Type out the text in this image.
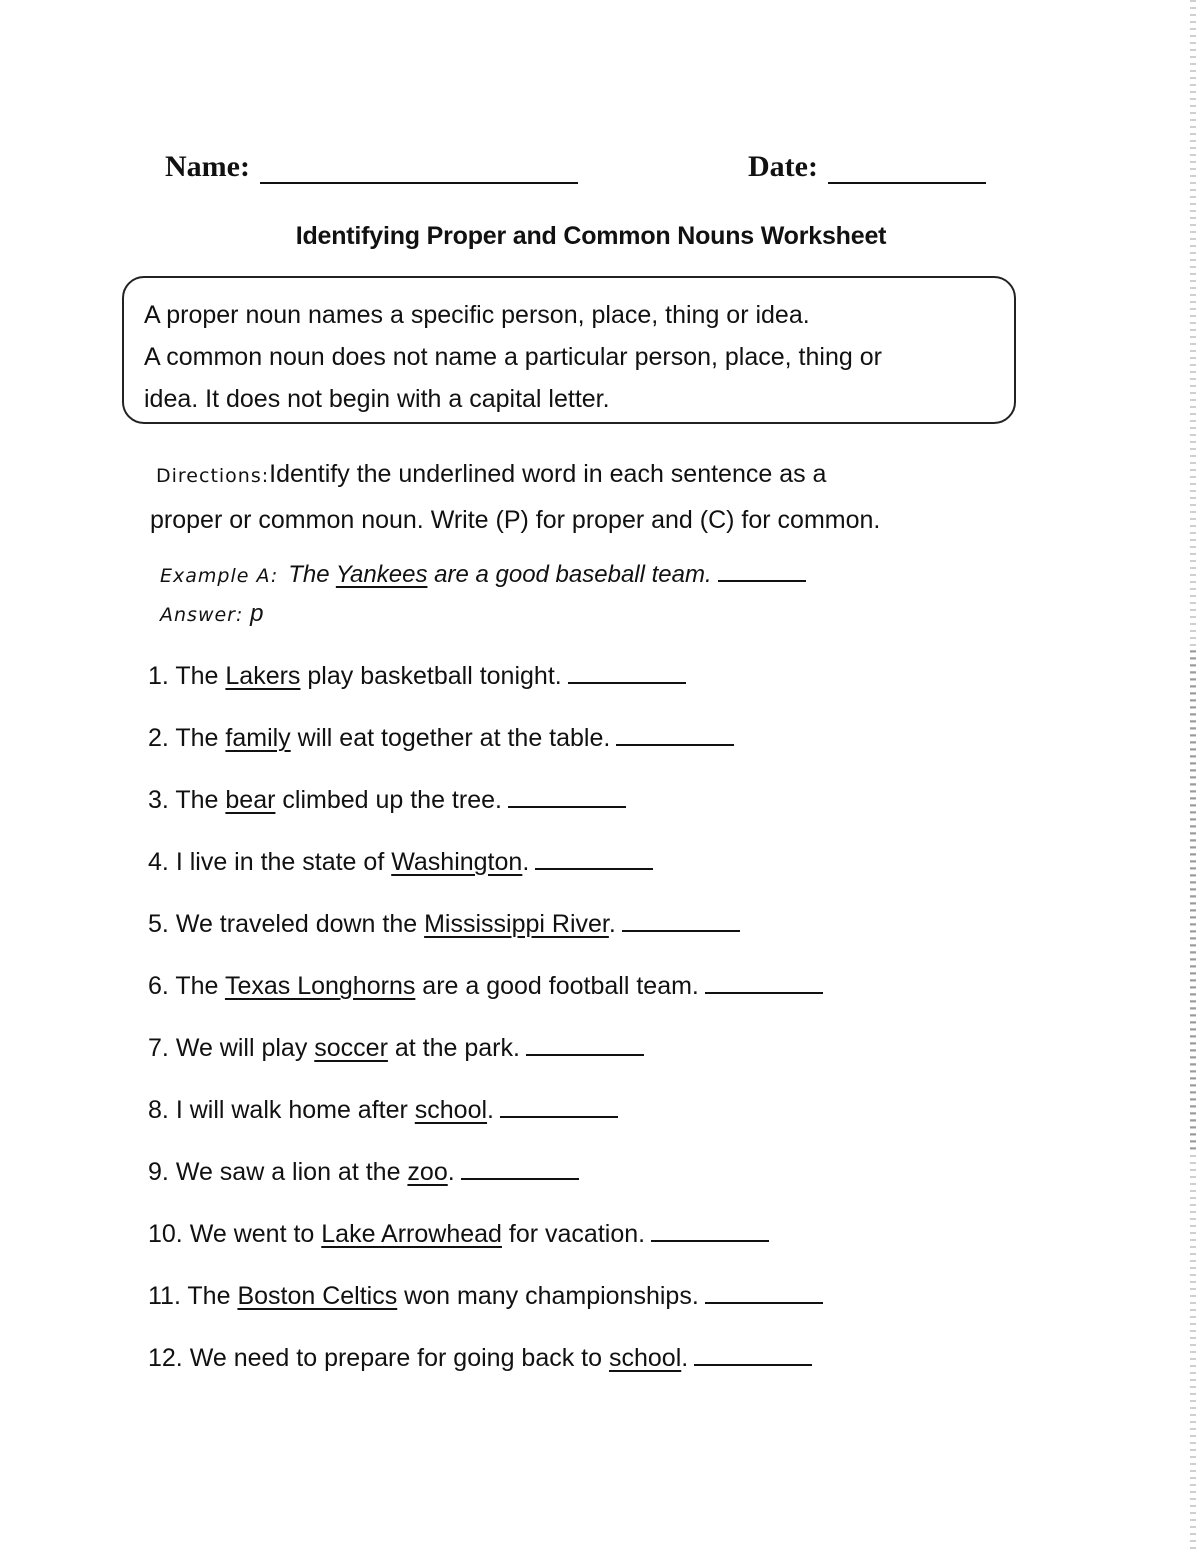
Name:	Date:
Identifying Proper and Common Nouns Worksheet

A proper noun names a specific person, place, thing or idea.

A common noun does not name a particular person, place, thing or

idea. It does not begin with a capital letter.

Directions:Identify the underlined word in each sentence as a
proper or common noun. Write (P) for proper and (C) for common.
Example A: The Yankees are a good baseball team.
Answer: p
1. The Lakers play basketball tonight.
2. The family will eat together at the table.
3. The bear climbed up the tree.
4. I live in the state of Washington.
5. We traveled down the Mississippi River.
6. The Texas Longhorns are a good football team.
7. We will play soccer at the park.
8. I will walk home after school.
9. We saw a lion at the zoo.
10. We went to Lake Arrowhead for vacation.
11. The Boston Celtics won many championships.
12. We need to prepare for going back to school.
